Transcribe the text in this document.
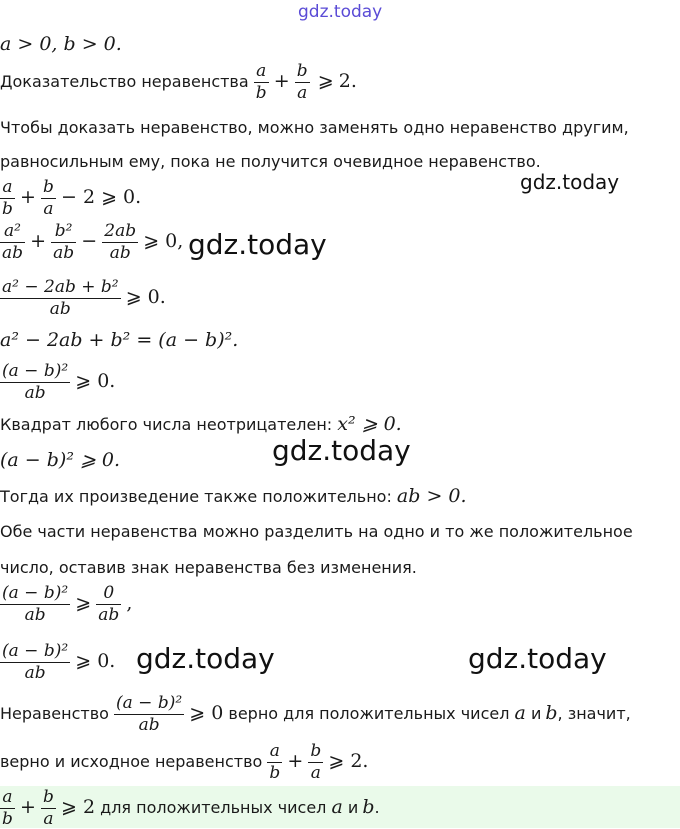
gdz.today
gdz.today
gdz.today
gdz.today
gdz.today	gdz.today
a > 0, b > 0.
Доказательство неравенства $\frac{a}{b} + \frac{b}{a}$ ⩾ 2.
Чтобы доказать неравенство, можно заменять одно неравенство другим,
равносильным ему, пока не получится очевидное неравенство.
$\frac{a}{b} + \frac{b}{a} - 2$ ⩾ 0.
$\frac{\text{a²}}{ab} + \frac{\text{b²}}{ab} - \frac{2ab}{ab}$ ⩾ 0,
$\frac{\text{a² − 2ab + b²}}{ab}$ ⩾ 0.
a² − 2ab + b² = (a − b)².
$\frac{\text{(a − b)²}}{ab}$ ⩾ 0.
Квадрат любого числа неотрицателен: x² ⩾ 0.
(a − b)² ⩾ 0.
Тогда их произведение также положительно: ab > 0.
Обе части неравенства можно разделить на одно и то же положительное
число, оставив знак неравенства без изменения.
$\frac{\text{(a − b)²}}{ab}$ ⩾ $\frac{0}{ab}$ ,
$\frac{\text{(a − b)²}}{ab}$ ⩾ 0.
Неравенство $\frac{\text{(a − b)²}}{ab}$ ⩾ 0 верно для положительных чисел a и b, значит,
верно и исходное неравенство $\frac{a}{b} + \frac{b}{a}$ ⩾ 2.
$\frac{a}{b} + \frac{b}{a}$ ⩾ 2 для положительных чисел a и b.
